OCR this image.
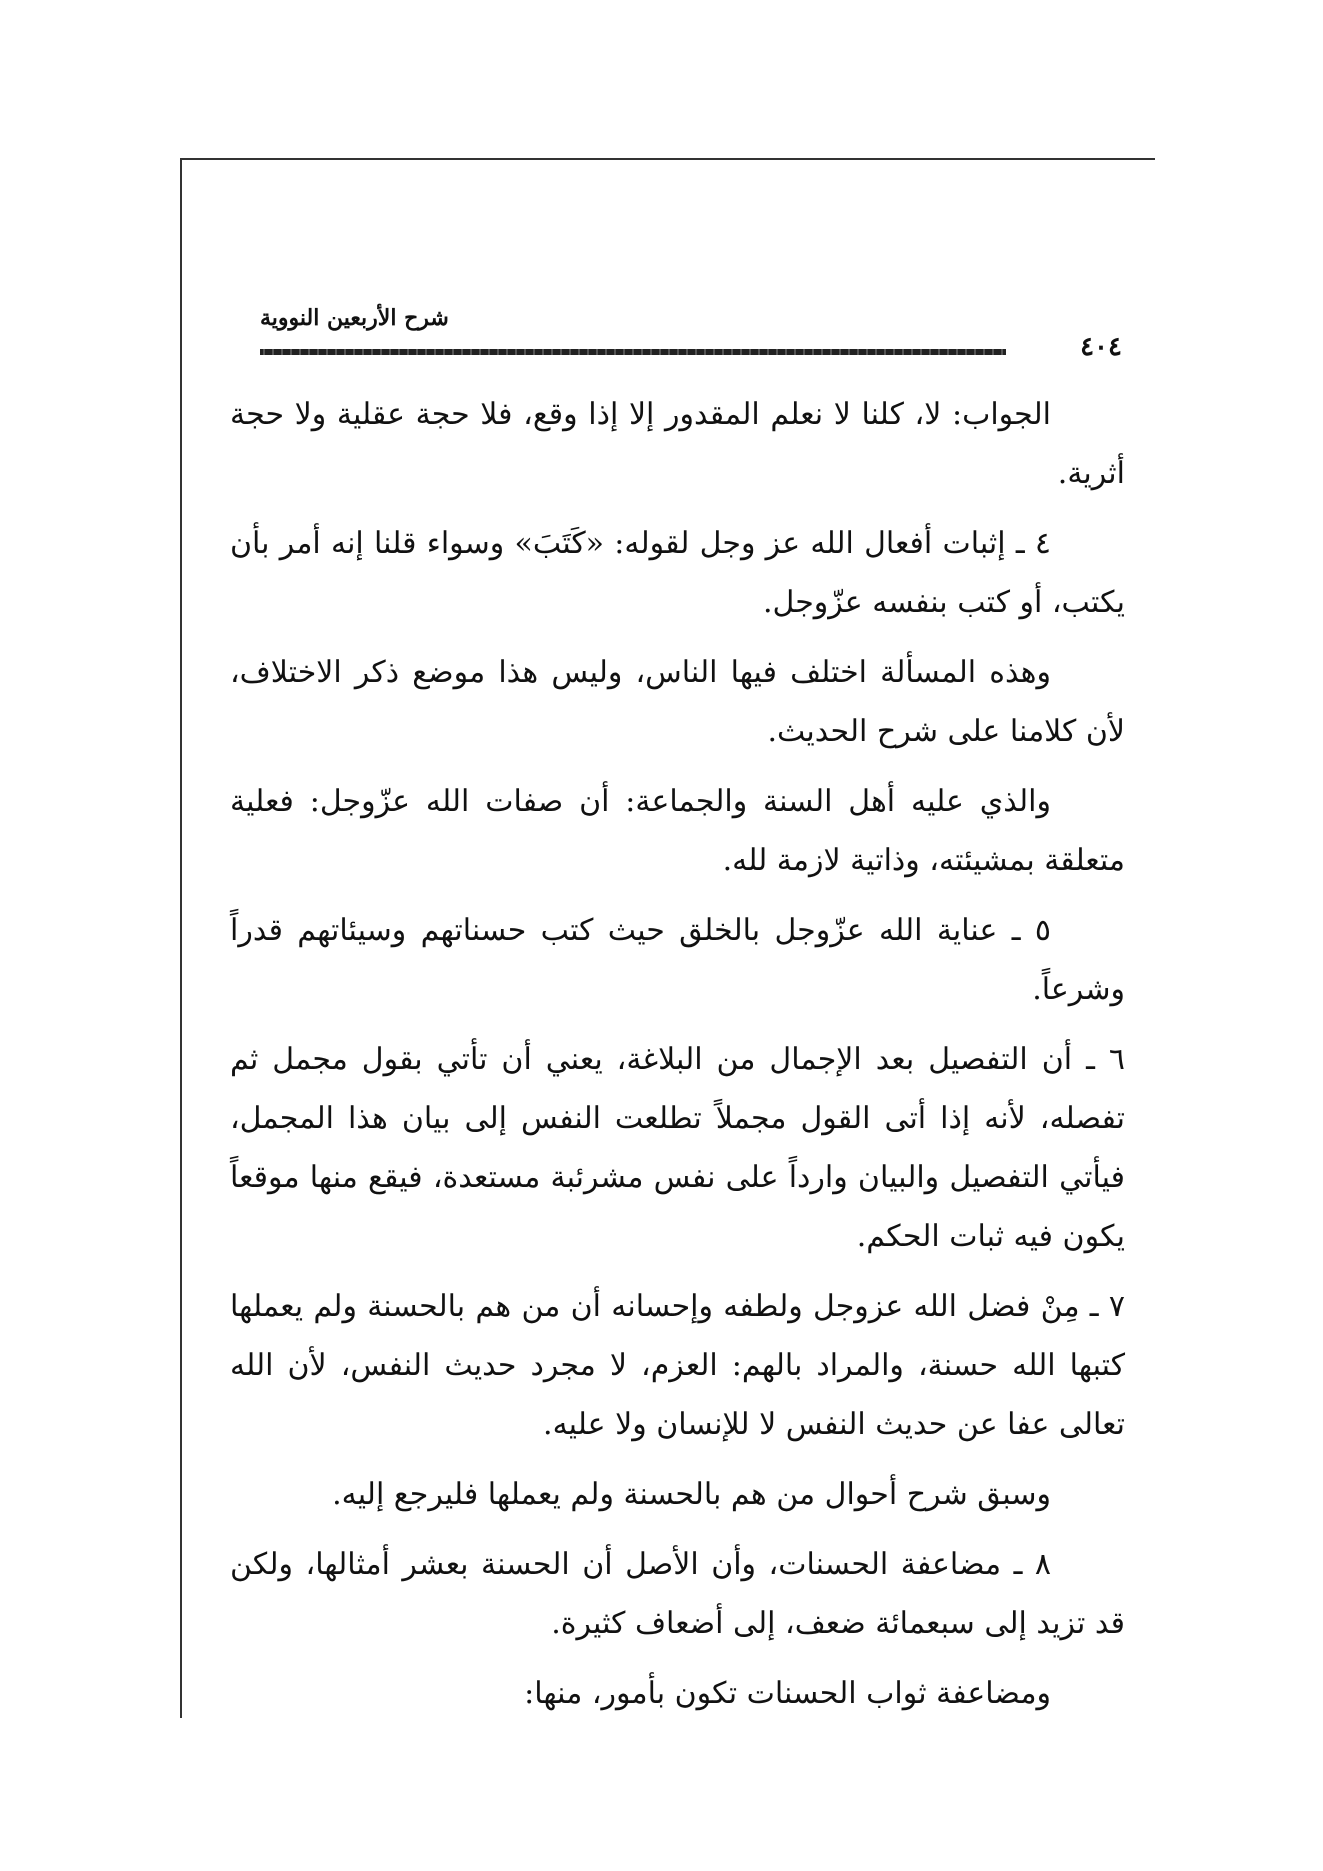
شرح الأربعين النووية
٤٠٤

الجواب: لا، كلنا لا نعلم المقدور إلا إذا وقع، فلا حجة عقلية ولا حجة أثرية.

٤ ـ إثبات أفعال الله عز وجل لقوله: «كَتَبَ» وسواء قلنا إنه أمر بأن يكتب، أو كتب بنفسه عزّوجل.

وهذه المسألة اختلف فيها الناس، وليس هذا موضع ذكر الاختلاف، لأن كلامنا على شرح الحديث.

والذي عليه أهل السنة والجماعة: أن صفات الله عزّوجل: فعلية متعلقة بمشيئته، وذاتية لازمة لله.

٥ ـ عناية الله عزّوجل بالخلق حيث كتب حسناتهم وسيئاتهم قدراً وشرعاً.

٦ ـ أن التفصيل بعد الإجمال من البلاغة، يعني أن تأتي بقول مجمل ثم تفصله، لأنه إذا أتى القول مجملاً تطلعت النفس إلى بيان هذا المجمل، فيأتي التفصيل والبيان وارداً على نفس مشرئبة مستعدة، فيقع منها موقعاً يكون فيه ثبات الحكم.

٧ ـ مِنْ فضل الله عزوجل ولطفه وإحسانه أن من هم بالحسنة ولم يعملها كتبها الله حسنة، والمراد بالهم: العزم، لا مجرد حديث النفس، لأن الله تعالى عفا عن حديث النفس لا للإنسان ولا عليه.

وسبق شرح أحوال من هم بالحسنة ولم يعملها فليرجع إليه.

٨ ـ مضاعفة الحسنات، وأن الأصل أن الحسنة بعشر أمثالها، ولكن قد تزيد إلى سبعمائة ضعف، إلى أضعاف كثيرة.

ومضاعفة ثواب الحسنات تكون بأمور، منها:
